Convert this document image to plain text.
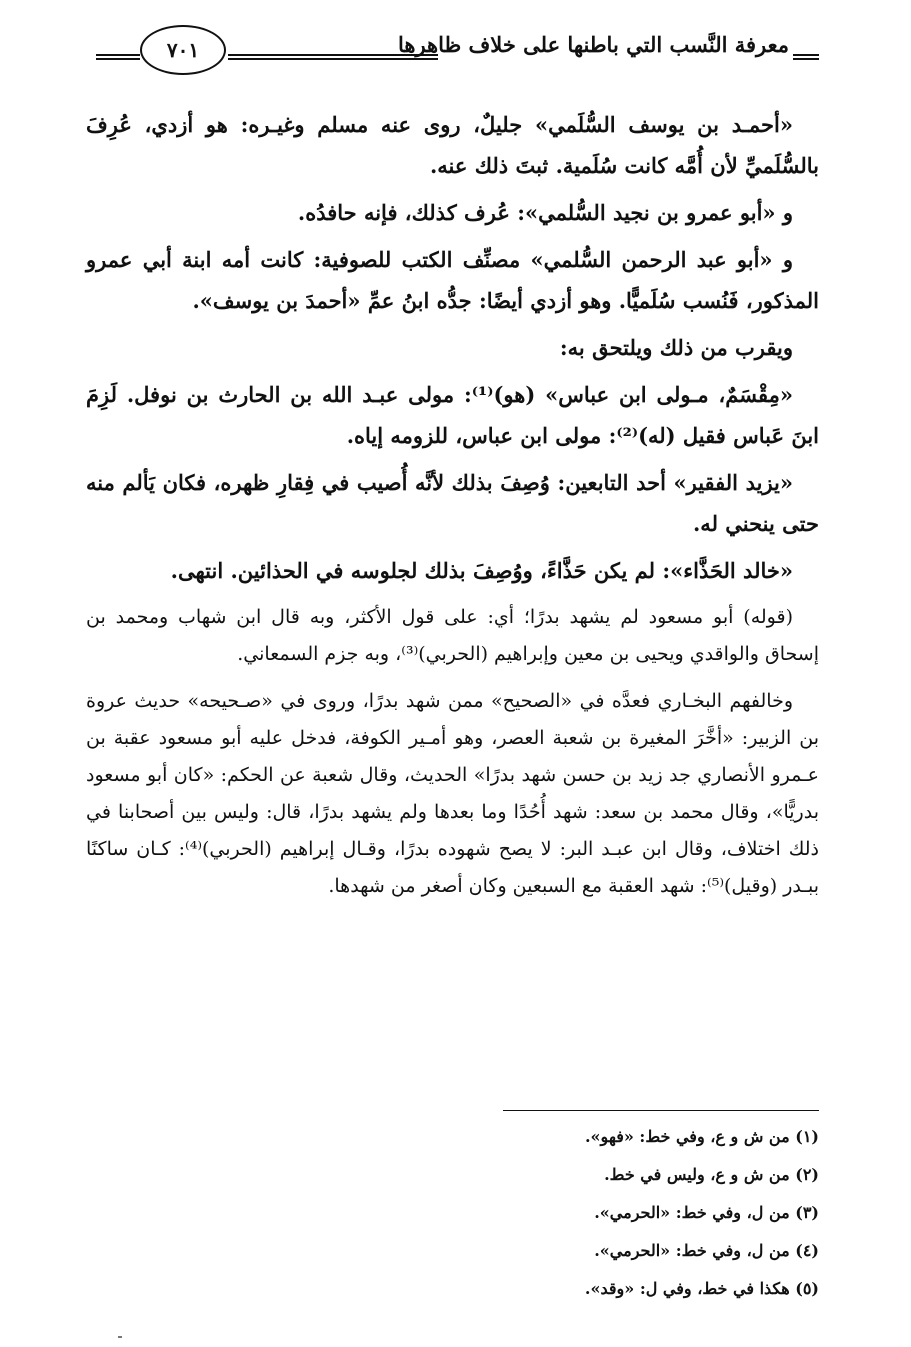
معرفة النَّسب التي باطنها على خلاف ظاهرها
٧٠١

«أحمـد بن يوسف السُّلَمي» جليلٌ، روى عنه مسلم وغيـره: هو أزدي، عُرِفَ بالسُّلَميِّ لأن أُمَّه كانت سُلَمية. ثبتَ ذلك عنه.

و «أبو عمرو بن نجيد السُّلمي»: عُرف كذلك، فإنه حافدُه.

و «أبو عبد الرحمن السُّلمي» مصنِّف الكتب للصوفية: كانت أمه ابنة أبي عمرو المذكور، فَنُسب سُلَميًّا. وهو أزدي أيضًا: جدُّه ابنُ عمِّ «أحمدَ بن يوسف».

ويقرب من ذلك ويلتحق به:

«مِقْسَمٌ، مـولى ابن عباس» (هو)⁽¹⁾: مولى عبـد الله بن الحارث بن نوفل. لَزِمَ ابنَ عَباس فقيل (له)⁽²⁾: مولى ابن عباس، للزومه إياه.

«يزيد الفقير» أحد التابعين: وُصِفَ بذلك لأنَّه أُصيب في فِقارِ ظهره، فكان يَألم منه حتى ينحني له.

«خالد الحَذَّاء»: لم يكن حَذَّاءً، ووُصِفَ بذلك لجلوسه في الحذائين. انتهى.

(قوله) أبو مسعود لم يشهد بدرًا؛ أي: على قول الأكثر، وبه قال ابن شهاب ومحمد بن إسحاق والواقدي ويحيى بن معين وإبراهيم (الحربي)⁽³⁾، وبه جزم السمعاني.

وخالفهم البخـاري فعدَّه في «الصحيح» ممن شهد بدرًا، وروى في «صـحيحه» حديث عروة بن الزبير: «أخَّرَ المغيرة بن شعبة العصر، وهو أمـير الكوفة، فدخل عليه أبو مسعود عقبة بن عـمرو الأنصاري جد زيد بن حسن شهد بدرًا» الحديث، وقال شعبة عن الحكم: «كان أبو مسعود بدريًّا»، وقال محمد بن سعد: شهد أُحُدًا وما بعدها ولم يشهد بدرًا، قال: وليس بين أصحابنا في ذلك اختلاف، وقال ابن عبـد البر: لا يصح شهوده بدرًا، وقـال إبراهيم (الحربي)⁽⁴⁾: كـان ساكنًا ببـدر (وقيل)⁽⁵⁾: شهد العقبة مع السبعين وكان أصغر من شهدها.

(١) من ش و ع، وفي خط: «فهو».

(٢) من ش و ع، وليس في خط.

(٣) من ل، وفي خط: «الحرمي».

(٤) من ل، وفي خط: «الحرمي».

(٥) هكذا في خط، وفي ل: «وقد».
